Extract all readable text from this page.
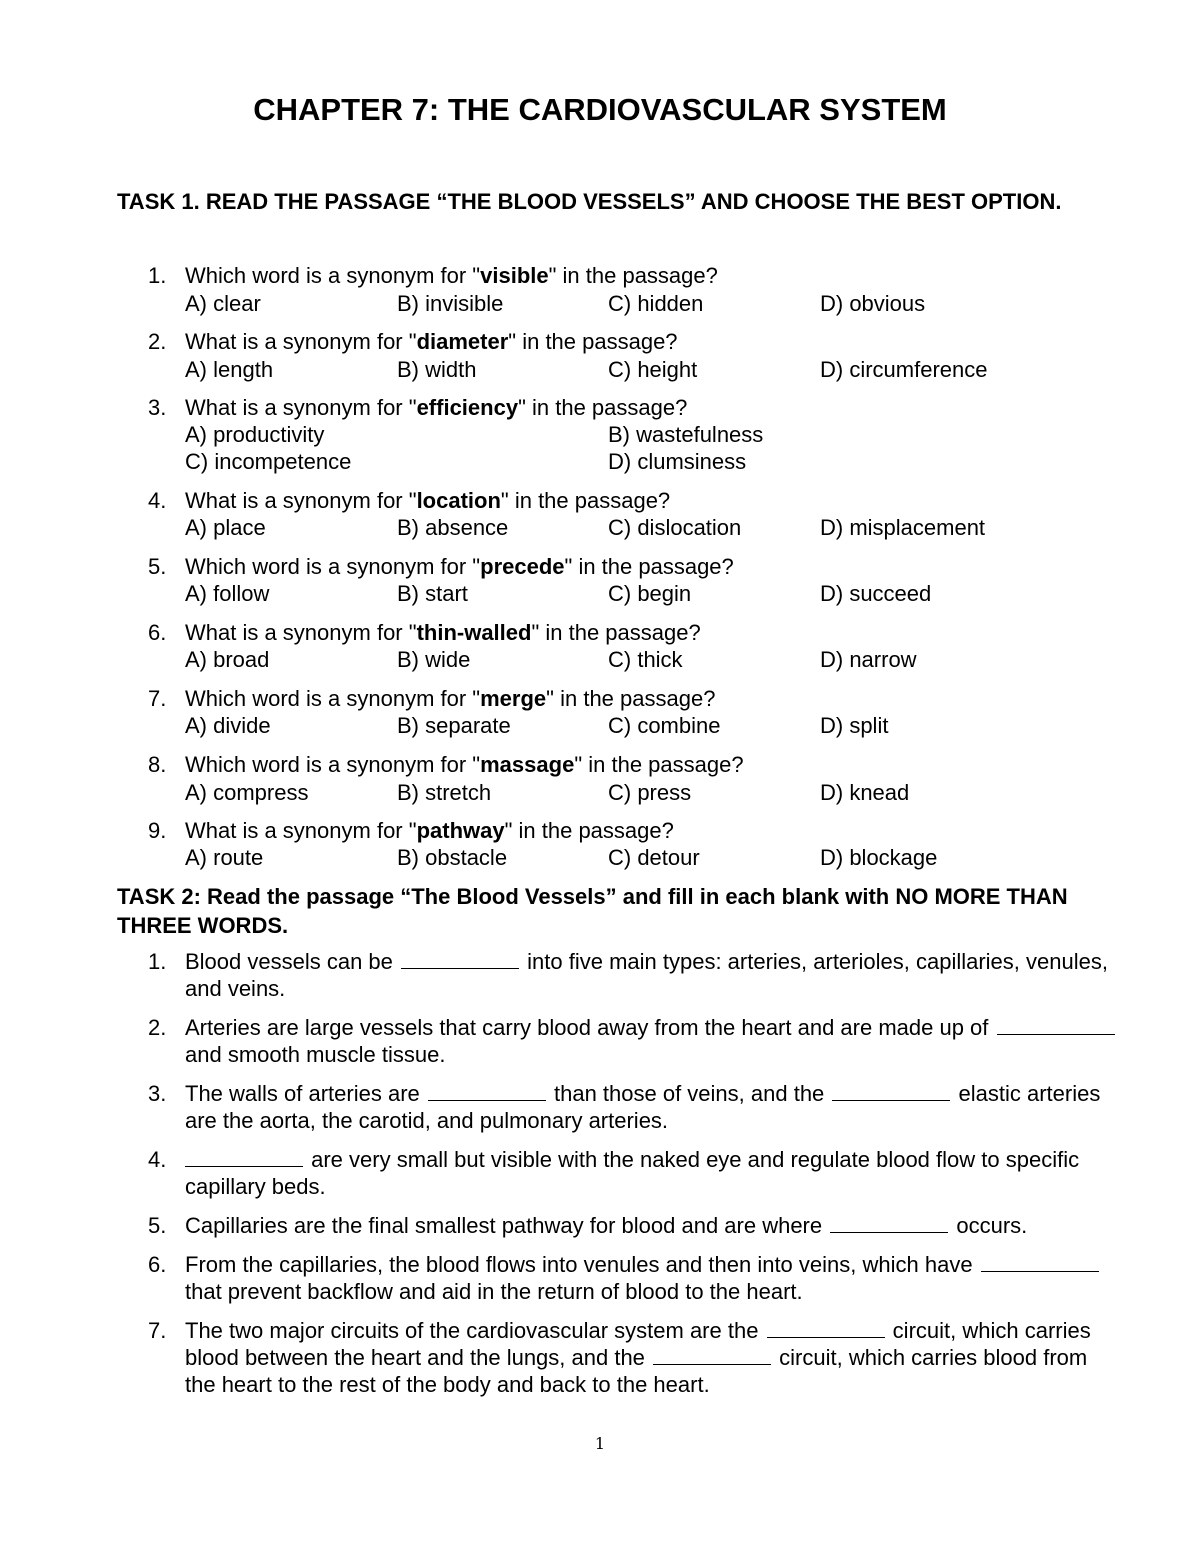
CHAPTER 7: THE CARDIOVASCULAR SYSTEM
TASK 1. READ THE PASSAGE “THE BLOOD VESSELS” AND CHOOSE THE BEST OPTION.
1. Which word is a synonym for "visible" in the passage?
A) clear	B) invisible	C) hidden	D) obvious
2. What is a synonym for "diameter" in the passage?
A) length	B) width	C) height	D) circumference
3. What is a synonym for "efficiency" in the passage?
A) productivity	B) wastefulness
C) incompetence	D) clumsiness
4. What is a synonym for "location" in the passage?
A) place	B) absence	C) dislocation	D) misplacement
5. Which word is a synonym for "precede" in the passage?
A) follow	B) start	C) begin	D) succeed
6. What is a synonym for "thin-walled" in the passage?
A) broad	B) wide	C) thick	D) narrow
7. Which word is a synonym for "merge" in the passage?
A) divide	B) separate	C) combine	D) split
8. Which word is a synonym for "massage" in the passage?
A) compress	B) stretch	C) press	D) knead
9. What is a synonym for "pathway" in the passage?
A) route	B) obstacle	C) detour	D) blockage
TASK 2: Read the passage “The Blood Vessels” and fill in each blank with NO MORE THAN THREE WORDS.
1. Blood vessels can be	into five main types: arteries, arterioles, capillaries, venules, and veins.
2. Arteries are large vessels that carry blood away from the heart and are made up of  and smooth muscle tissue.
3. The walls of arteries are	than those of veins, and the	elastic arteries are the aorta, the carotid, and pulmonary arteries.
4.	are very small but visible with the naked eye and regulate blood flow to specific capillary beds.
5. Capillaries are the final smallest pathway for blood and are where	occurs.
6. From the capillaries, the blood flows into venules and then into veins, which have  that prevent backflow and aid in the return of blood to the heart.
7. The two major circuits of the cardiovascular system are the	circuit, which carries blood between the heart and the lungs, and the	circuit, which carries blood from the heart to the rest of the body and back to the heart.
1
